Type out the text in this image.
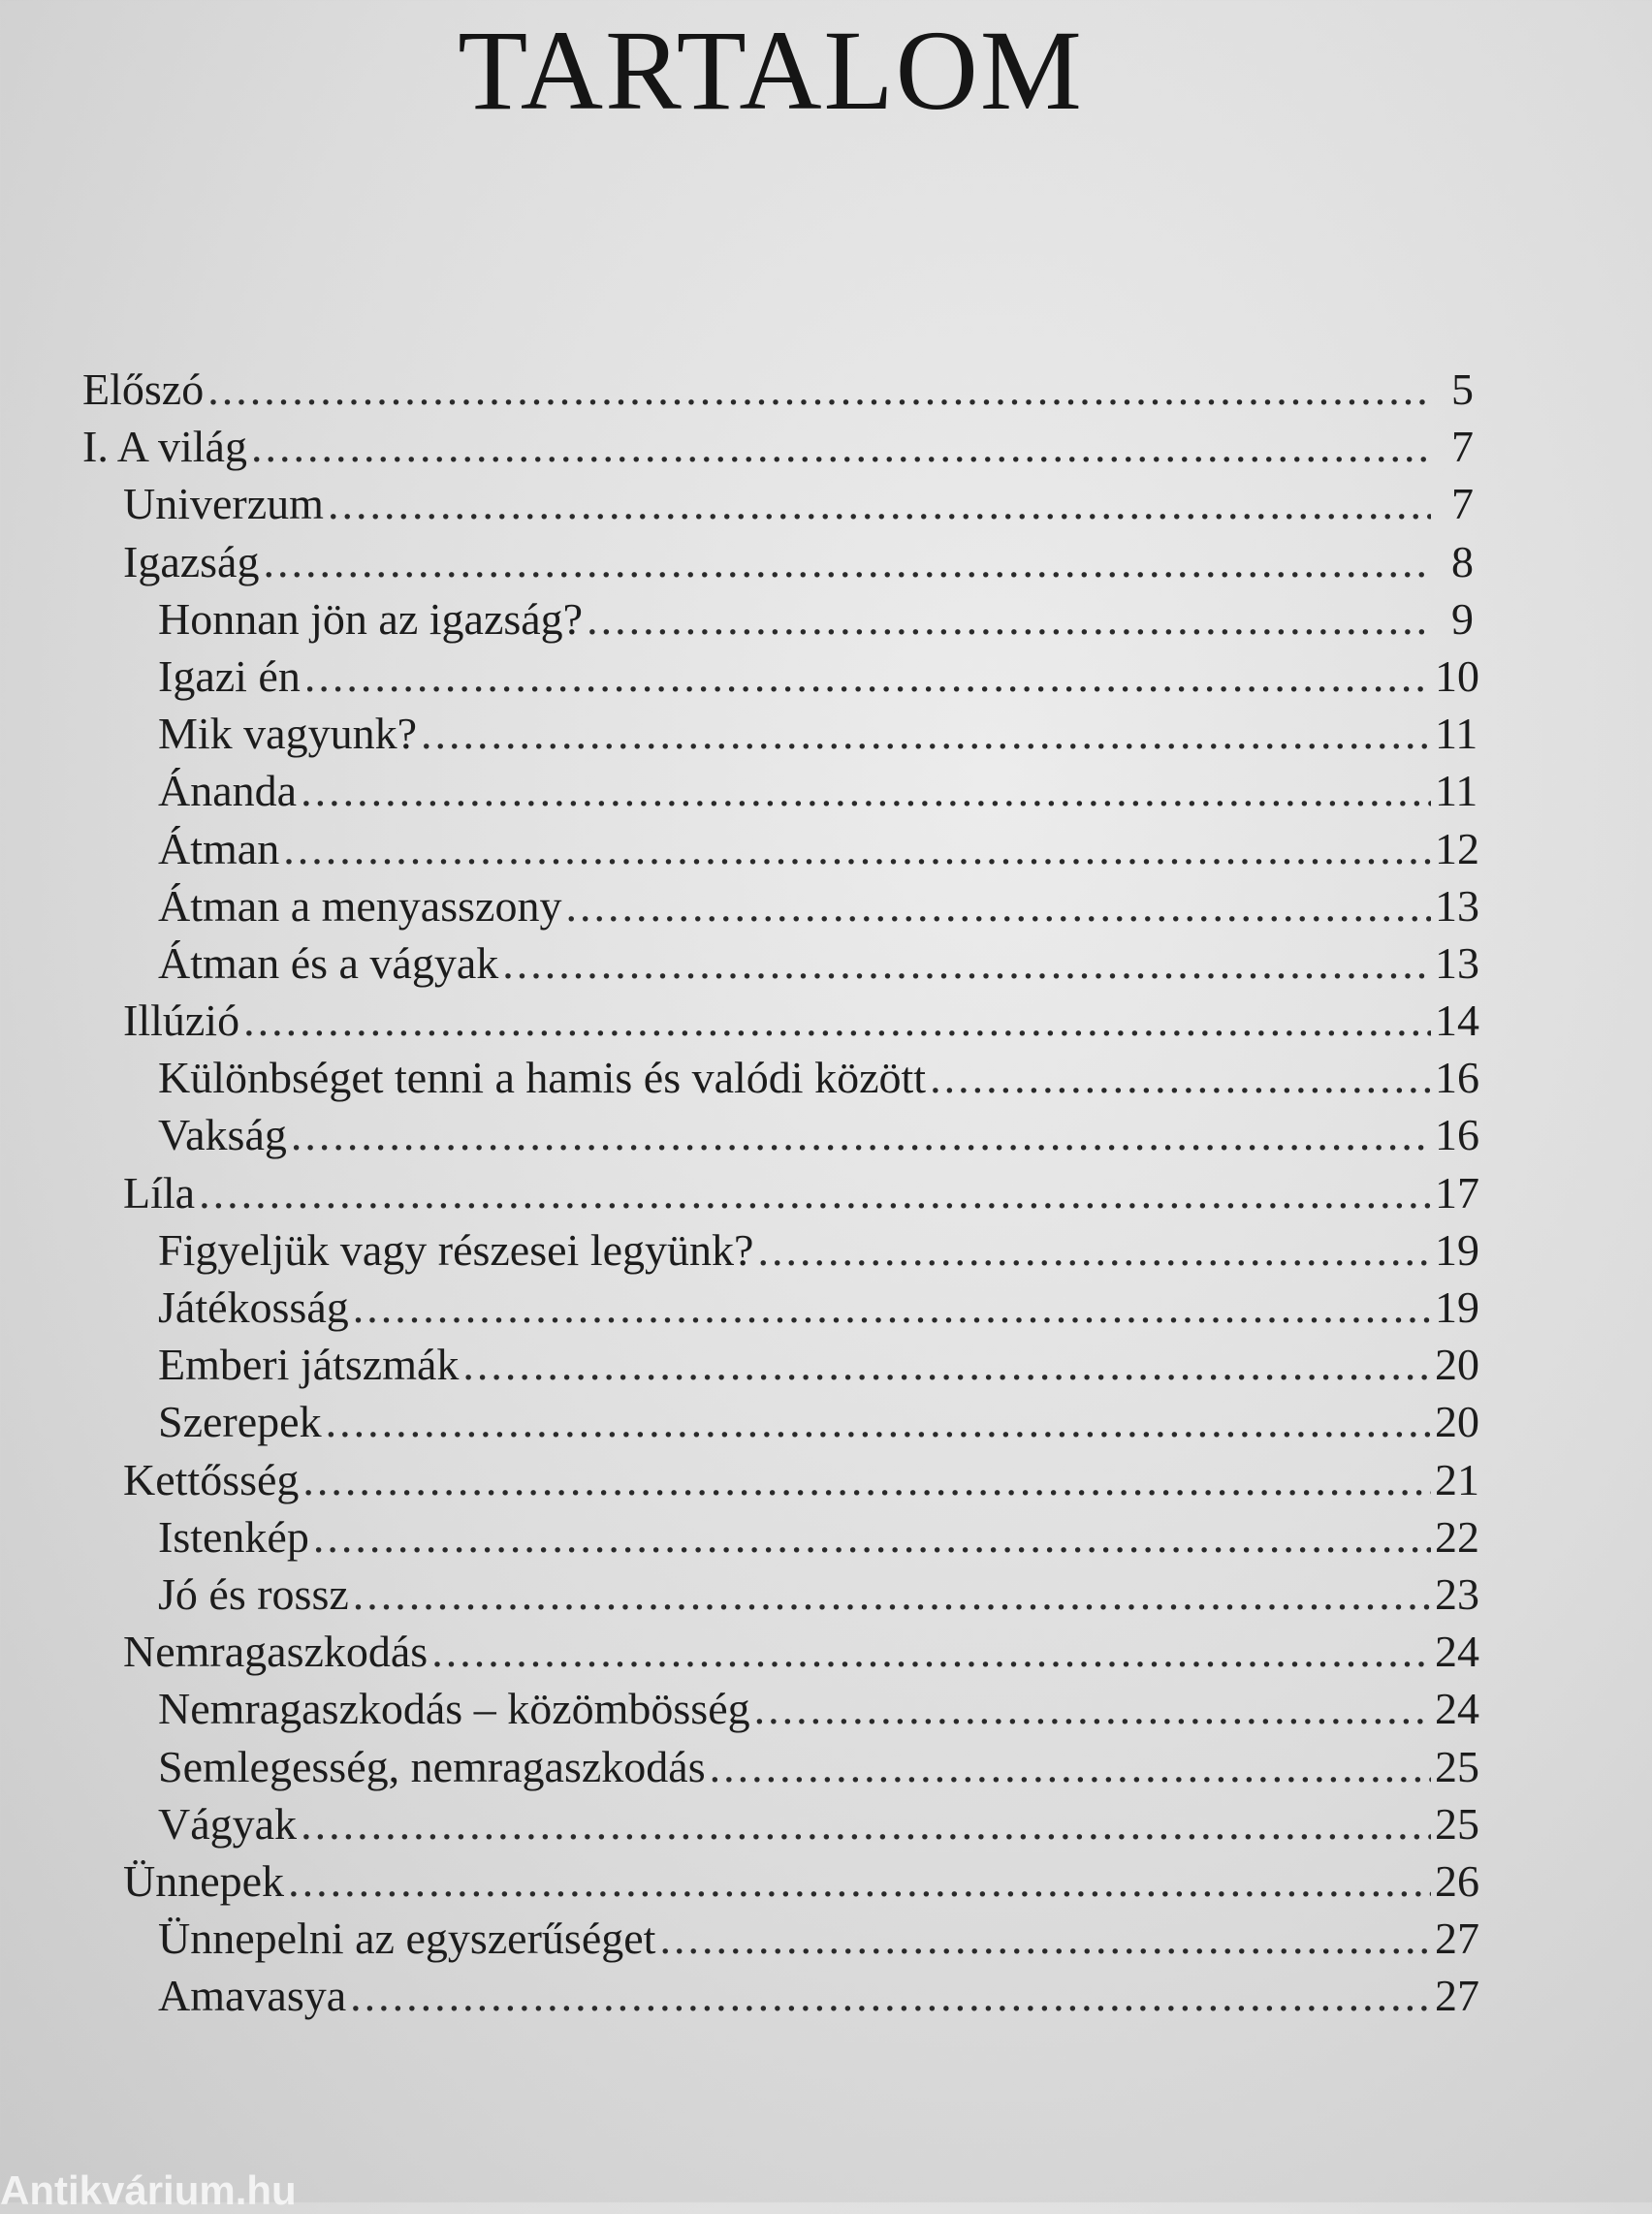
TARTALOM
Előszó .....	5
I. A világ .....	7
Univerzum .....	7
Igazság .....	8
Honnan jön az igazság? .....	9
Igazi én .....	10
Mik vagyunk? .....	11
Ánanda .....	11
Átman .....	12
Átman a menyasszony .....	13
Átman és a vágyak .....	13
Illúzió .....	14
Különbséget tenni a hamis és valódi között .....	16
Vakság .....	16
Líla .....	17
Figyeljük vagy részesei legyünk? .....	19
Játékosság .....	19
Emberi játszmák .....	20
Szerepek .....	20
Kettősség .....	21
Istenkép .....	22
Jó és rossz .....	23
Nemragaszkodás .....	24
Nemragaszkodás – közömbösség .....	24
Semlegesség, nemragaszkodás .....	25
Vágyak .....	25
Ünnepek .....	26
Ünnepelni az egyszerűséget .....	27
Amavasya .....	27
Antikvárium.hu
